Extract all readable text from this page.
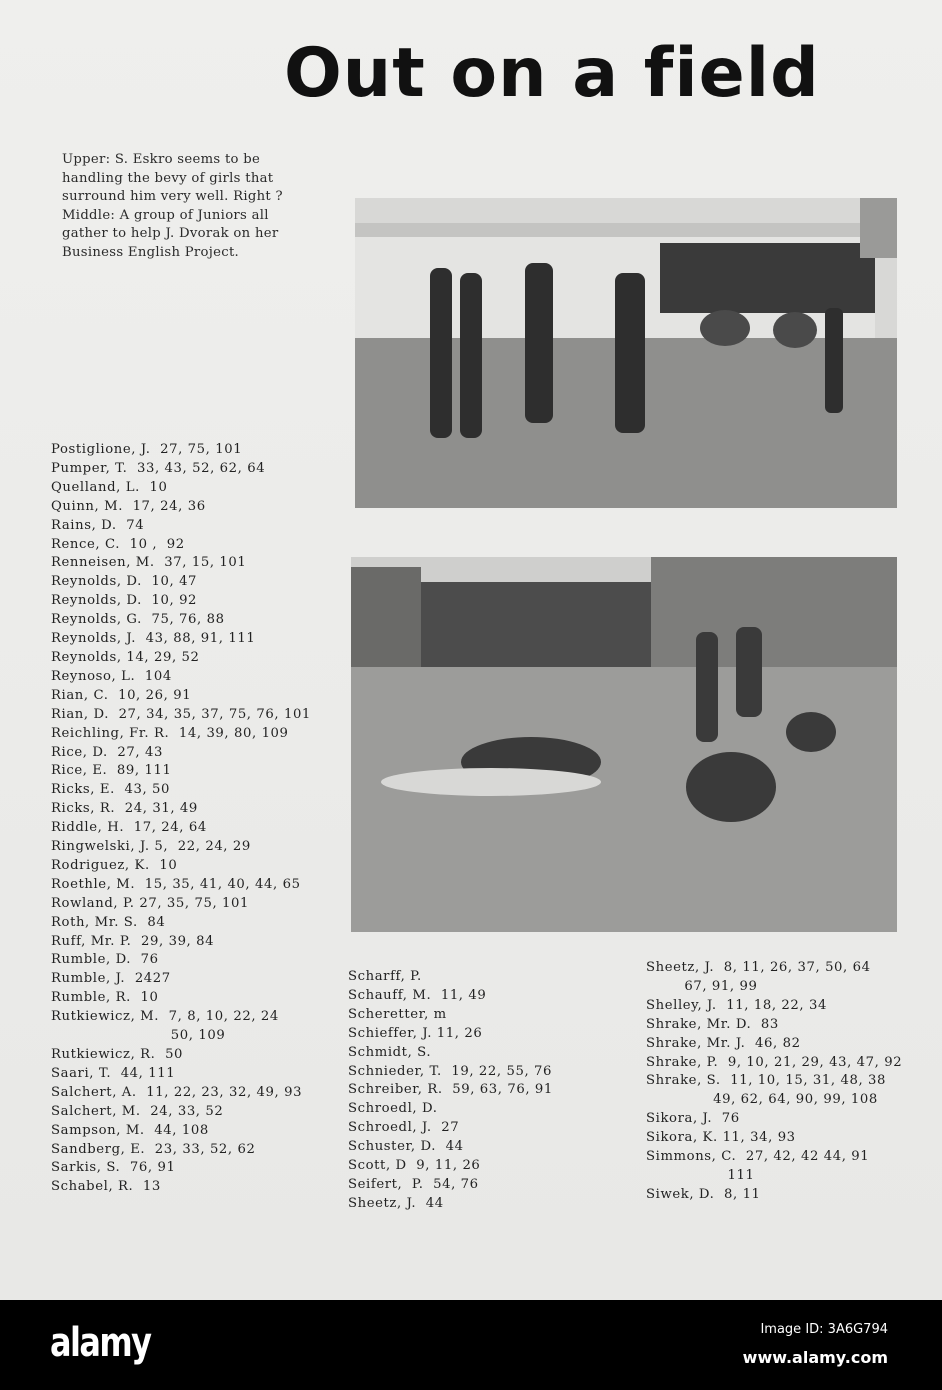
Out on a field
Upper: S. Eskro seems to be
handling the bevy of girls that
surround him very well. Right ?
Middle: A group of Juniors all
gather to help J. Dvorak on her
Business English Project.
Postiglione, J.  27, 75, 101
Pumper, T.  33, 43, 52, 62, 64
Quelland, L.  10
Quinn, M.  17, 24, 36
Rains, D.  74
Rence, C.  10 ,  92
Renneisen, M.  37, 15, 101
Reynolds, D.  10, 47
Reynolds, D.  10, 92
Reynolds, G.  75, 76, 88
Reynolds, J.  43, 88, 91, 111
Reynolds, 14, 29, 52
Reynoso, L.  104
Rian, C.  10, 26, 91
Rian, D.  27, 34, 35, 37, 75, 76, 101
Reichling, Fr. R.  14, 39, 80, 109
Rice, D.  27, 43
Rice, E.  89, 111
Ricks, E.  43, 50
Ricks, R.  24, 31, 49
Riddle, H.  17, 24, 64
Ringwelski, J. 5,  22, 24, 29
Rodriguez, K.  10
Roethle, M.  15, 35, 41, 40, 44, 65
Rowland, P. 27, 35, 75, 101
Roth, Mr. S.  84
Ruff, Mr. P.  29, 39, 84
Rumble, D.  76
Rumble, J.  2427
Rumble, R.  10
Rutkiewicz, M.  7, 8, 10, 22, 24
50, 109
Rutkiewicz, R.  50
Saari, T.  44, 111
Salchert, A.  11, 22, 23, 32, 49, 93
Salchert, M.  24, 33, 52
Sampson, M.  44, 108
Sandberg, E.  23, 33, 52, 62
Sarkis, S.  76, 91
Schabel, R.  13
Scharff, P.
Schauff, M.  11, 49
Scheretter, m
Schieffer, J. 11, 26
Schmidt, S.
Schnieder, T.  19, 22, 55, 76
Schreiber, R.  59, 63, 76, 91
Schroedl, D.
Schroedl, J.  27
Schuster, D.  44
Scott, D  9, 11, 26
Seifert,  P.  54, 76
Sheetz, J.  44
Sheetz, J.  8, 11, 26, 37, 50, 64
67, 91, 99
Shelley, J.  11, 18, 22, 34
Shrake, Mr. D.  83
Shrake, Mr. J.  46, 82
Shrake, P.  9, 10, 21, 29, 43, 47, 92
Shrake, S.  11, 10, 15, 31, 48, 38
49, 62, 64, 90, 99, 108
Sikora, J.  76
Sikora, K. 11, 34, 93
Simmons, C.  27, 42, 42 44, 91
111
Siwek, D.  8, 11
alamy	Image ID: 3A6G794
www.alamy.com
